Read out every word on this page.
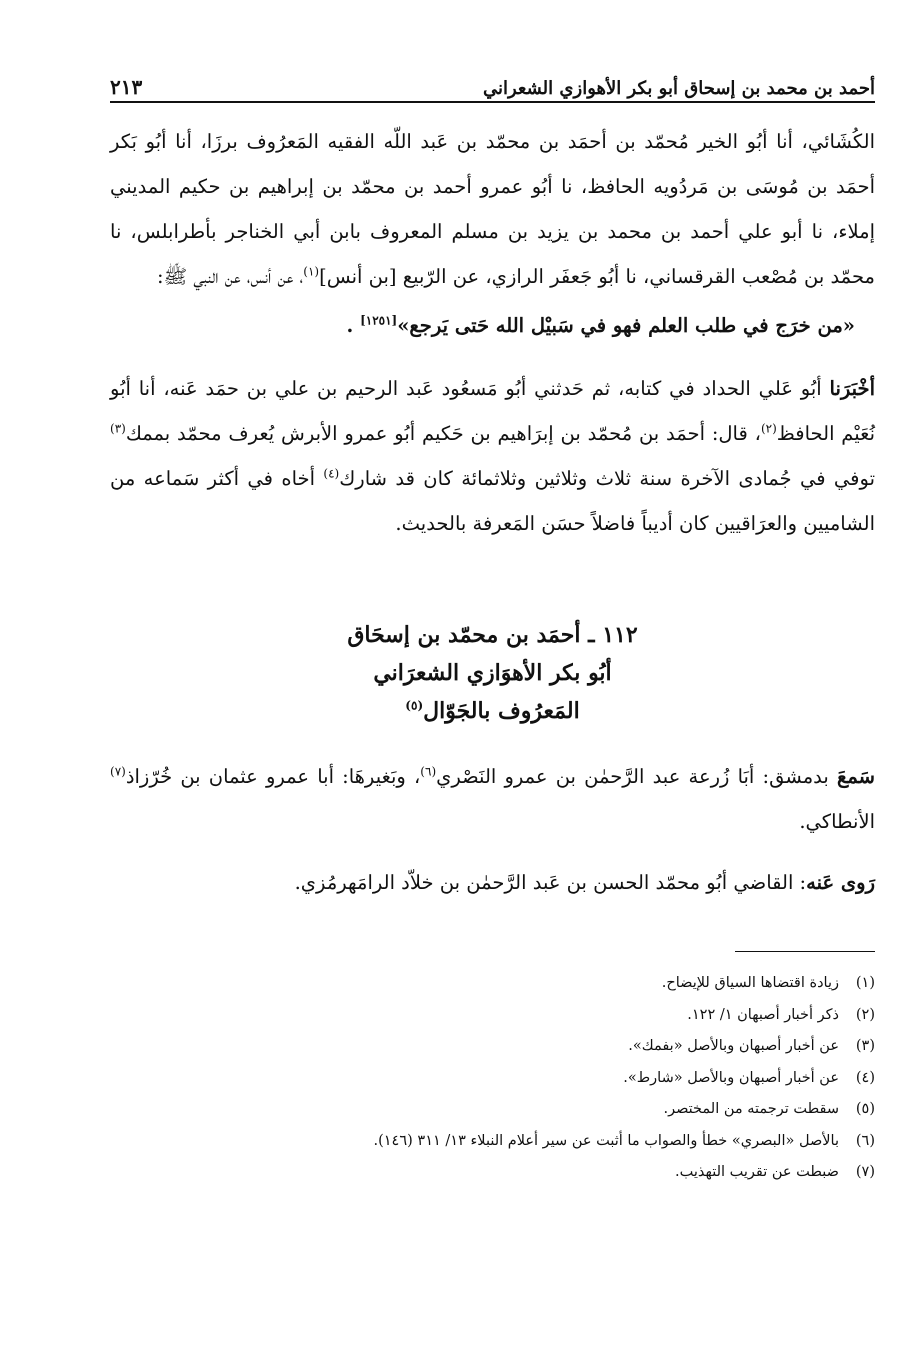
أحمد بن محمد بن إسحاق أبو بكر الأهوازي الشعراني
٢١٣

الكُشَائي، أنا أبُو الخير مُحمّد بن أحمَد بن محمّد بن عَبد اللّه الفقيه المَعرُوف برزَا، أنا أبُو بَكر أحمَد بن مُوسَى بن مَردُويه الحافظ، نا أبُو عمرو أحمد بن محمّد بن إبراهيم بن حكيم المديني إملاء، نا أبو علي أحمد بن محمد بن يزيد بن مسلم المعروف بابن أبي الخناجر بأطرابلس، نا محمّد بن مُصْعب القرقساني، نا أبُو جَعفَر الرازي، عن الرّبيع [بن أنس]$^{(١)}$، عن أنس، عن النبي ﷺ:

«من خرَج في طلب العلم فهو في سَبيْل الله حَتى يَرجع»[١٢٥١] .

أخْبَرَنا أبُو عَلي الحداد في كتابه، ثم حَدثني أبُو مَسعُود عَبد الرحيم بن علي بن حمَد عَنه، أنا أبُو نُعَيْم الحافظ$^{(٢)}$، قال: أحمَد بن مُحمّد بن إبرَاهيم بن حَكيم أبُو عمرو الأبرش يُعرف محمّد بممك$^{(٣)}$ توفي في جُمادى الآخرة سنة ثلاث وثلاثين وثلاثمائة كان قد شارك$^{(٤)}$ أخاه في أكثر سَماعه من الشاميين والعرَاقيين كان أديباً فاضلاً حسَن المَعرفة بالحديث.

١١٢ ـ أحمَد بن محمّد بن إسحَاق
أبُو بكر الأهوَازي الشعرَاني
المَعرُوف بالجَوّال$^{(٥)}$

سَمعَ بدمشق: أبَا زُرعة عبد الرَّحمٰن بن عمرو النَصْري$^{(٦)}$، وبَغيرهَا: أبا عمرو عثمان بن خُرّزاذ$^{(٧)}$ الأنطاكي.

رَوى عَنه: القاضي أبُو محمّد الحسن بن عَبد الرَّحمٰن بن خلاّد الرامَهرمُزي.

(١)
زيادة اقتضاها السياق للإيضاح.
(٢)
ذكر أخبار أصبهان ١/ ١٢٢.
(٣)
عن أخبار أصبهان وبالأصل «بفمك».
(٤)
عن أخبار أصبهان وبالأصل «شارط».
(٥)
سقطت ترجمته من المختصر.
(٦)
بالأصل «البصري» خطأ والصواب ما أثبت عن سير أعلام النبلاء ١٣/ ٣١١ (١٤٦).
(٧)
ضبطت عن تقريب التهذيب.
